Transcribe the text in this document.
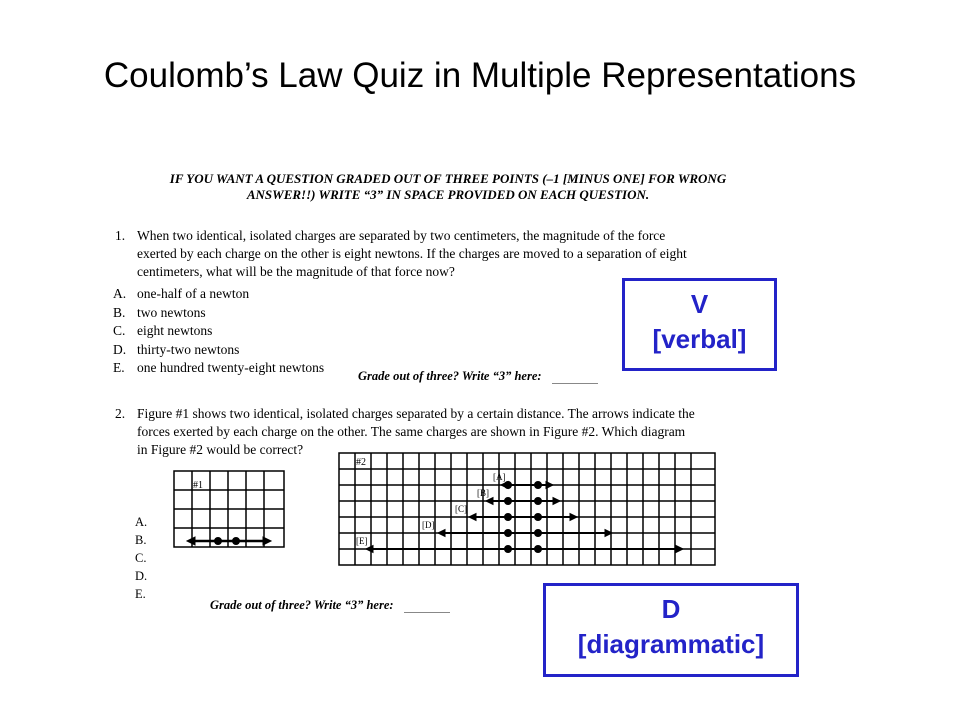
Coulomb’s Law Quiz in Multiple Representations
IF YOU WANT A QUESTION GRADED OUT OF THREE POINTS (–1 [MINUS ONE] FOR WRONG
ANSWER!!) WRITE “3” IN SPACE PROVIDED ON EACH QUESTION.
1. When two identical, isolated charges are separated by two centimeters, the magnitude of the force
exerted by each charge on the other is eight newtons. If the charges are moved to a separation of eight
centimeters, what will be the magnitude of that force now?
A. one-half of a newton
B. two newtons
C. eight newtons
D. thirty-two newtons
E. one hundred twenty-eight newtons
Grade out of three? Write “3” here:
2. Figure #1 shows two identical, isolated charges separated by a certain distance. The arrows indicate the
forces exerted by each charge on the other. The same charges are shown in Figure #2. Which diagram
in Figure #2 would be correct?
A.
B.
C.
D.
E.
#1
#2
[A]
[B]
[C]
[D]
[E]
Grade out of three? Write “3” here:
V
[verbal]
D
[diagrammatic]
